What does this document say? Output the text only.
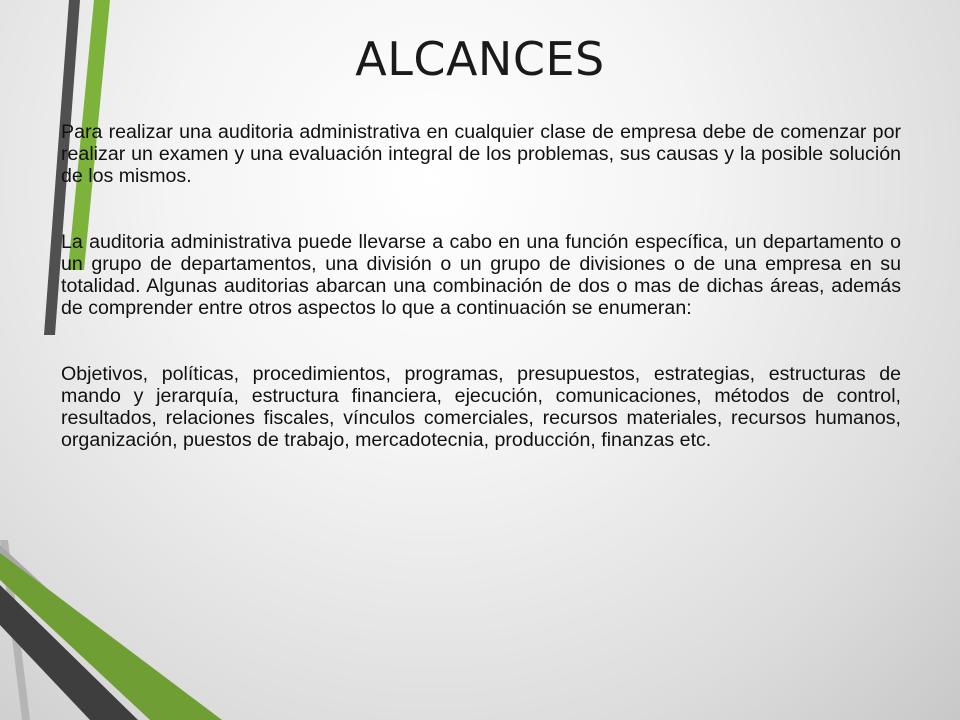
ALCANCES

Para realizar una auditoria administrativa en cualquier clase de empresa debe de comenzar por realizar un examen y una evaluación integral de los problemas, sus causas y la posible solución de los mismos.

La auditoria administrativa puede llevarse a cabo en una función específica, un departamento o un grupo de departamentos, una división o un grupo de divisiones o de una empresa en su totalidad. Algunas auditorias abarcan una combinación de dos o mas de dichas áreas, además de comprender entre otros aspectos lo que a continuación se enumeran:

Objetivos, políticas, procedimientos, programas, presupuestos, estrategias, estructuras de mando y jerarquía, estructura financiera, ejecución, comunicaciones, métodos de control, resultados, relaciones fiscales, vínculos comerciales, recursos materiales, recursos humanos, organización, puestos de trabajo, mercadotecnia, producción, finanzas etc.
